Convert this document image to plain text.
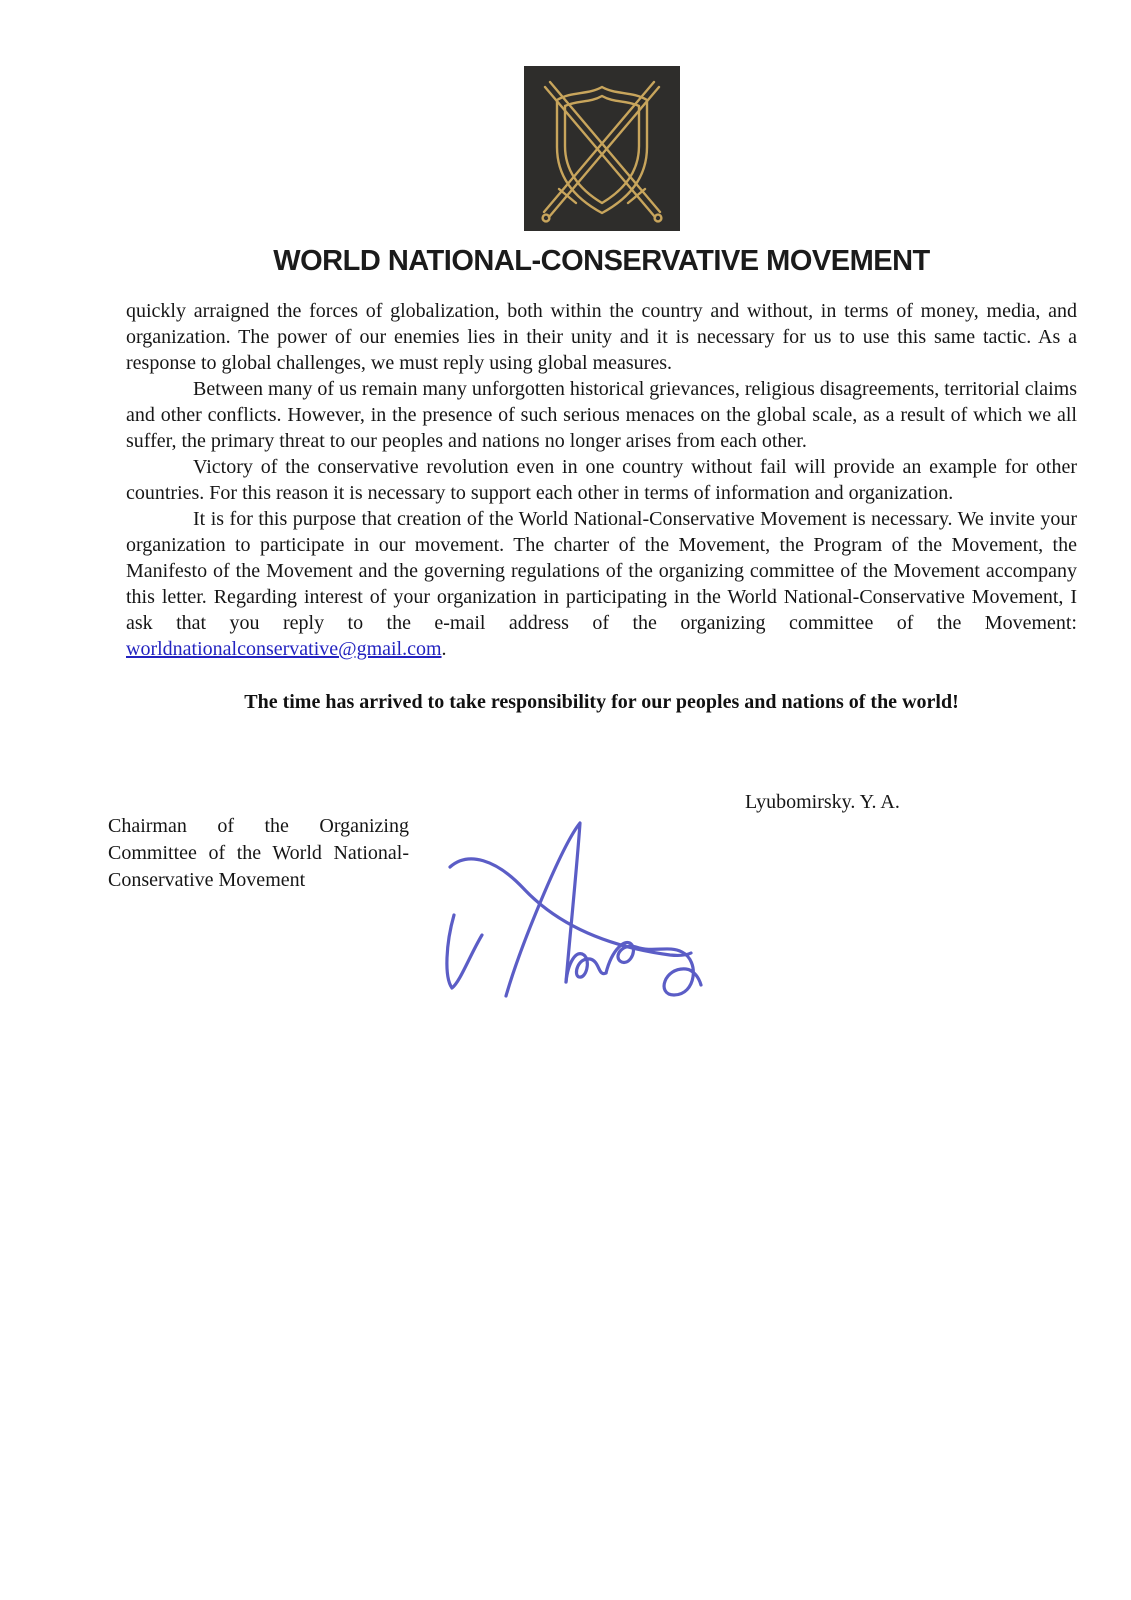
WORLD NATIONAL-CONSERVATIVE MOVEMENT

quickly arraigned the forces of globalization, both within the country and without, in terms of money, media, and organization. The power of our enemies lies in their unity and it is necessary for us to use this same tactic. As a response to global challenges, we must reply using global measures.

Between many of us remain many unforgotten historical grievances, religious disagreements, territorial claims and other conflicts. However, in the presence of such serious menaces on the global scale, as a result of which we all suffer, the primary threat to our peoples and nations no longer arises from each other.

Victory of the conservative revolution even in one country without fail will provide an example for other countries. For this reason it is necessary to support each other in terms of information and organization.

It is for this purpose that creation of the World National-Conservative Movement is necessary. We invite your organization to participate in our movement. The charter of the Movement, the Program of the Movement, the Manifesto of the Movement and the governing regulations of the organizing committee of the Movement accompany this letter. Regarding interest of your organization in participating in the World National-Conservative Movement, I ask that you reply to the e-mail address of the organizing committee of the Movement: worldnationalconservative@gmail.com.

The time has arrived to take responsibility for our peoples and nations of the world!

Lyubomirsky. Y. A.
Chairman of the Organizing Committee of the World National-Conservative Movement
